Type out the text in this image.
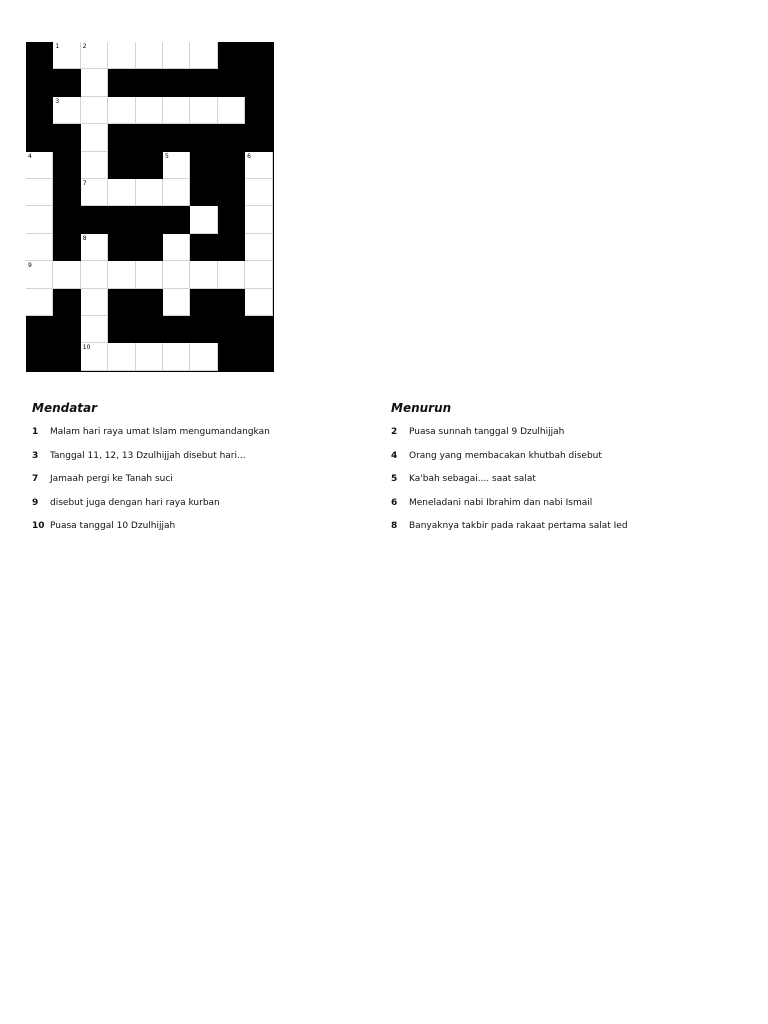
1	2
3
4	5	6
7
8
9
10
Mendatar
1	Malam hari raya umat Islam mengumandangkan
3	Tanggal 11, 12, 13 Dzulhijjah disebut hari...
7	Jamaah pergi ke Tanah suci
9	disebut juga dengan hari raya kurban
10 Puasa tanggal 10 Dzulhijjah
Menurun
2	Puasa sunnah tanggal 9 Dzulhijjah
4	Orang yang membacakan khutbah disebut
5	Ka'bah sebagai.... saat salat
6	Meneladani nabi Ibrahim dan nabi Ismail
8	Banyaknya takbir pada rakaat pertama salat Ied
